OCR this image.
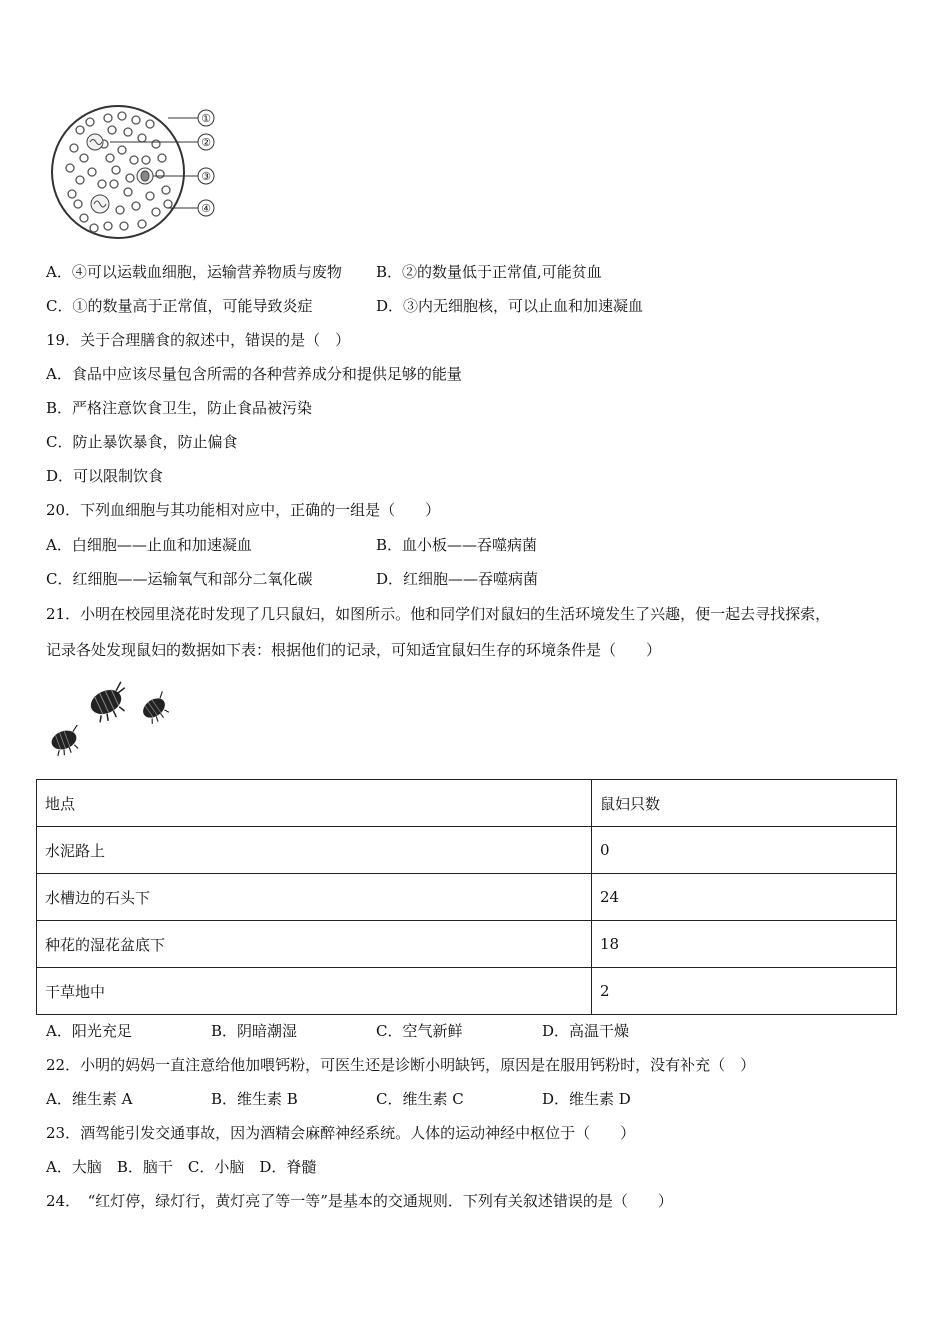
①
②
③
④
A．④可以运载血细胞，运输营养物质与废物 B．②的数量低于正常值,可能贫血
C．①的数量高于正常值，可能导致炎症	D．③内无细胞核，可以止血和加速凝血
19．关于合理膳食的叙述中，错误的是（　）
A．食品中应该尽量包含所需的各种营养成分和提供足够的能量
B．严格注意饮食卫生，防止食品被污染
C．防止暴饮暴食，防止偏食
D．可以限制饮食
20．下列血细胞与其功能相对应中，正确的一组是（　　）
A．白细胞——止血和加速凝血	B．血小板——吞噬病菌
C．红细胞——运输氧气和部分二氧化碳	D．红细胞——吞噬病菌
21．小明在校园里浇花时发现了几只鼠妇，如图所示。他和同学们对鼠妇的生活环境发生了兴趣，便一起去寻找探索，
记录各处发现鼠妇的数据如下表：根据他们的记录，可知适宜鼠妇生存的环境条件是（　　）
地点	鼠妇只数
水泥路上	0
水槽边的石头下	24
种花的湿花盆底下	18
干草地中	2
A．阳光充足	B．阴暗潮湿	C．空气新鲜	D．高温干燥
22．小明的妈妈一直注意给他加喂钙粉，可医生还是诊断小明缺钙，原因是在服用钙粉时，没有补充（　）
A．维生素 A	B．维生素 B	C．维生素 C	D．维生素 D
23．酒驾能引发交通事故，因为酒精会麻醉神经系统。人体的运动神经中枢位于（　　）
A．大脑　B．脑干　C．小脑　D．脊髓
24．　“红灯停，绿灯行，黄灯亮了等一等”是基本的交通规则．下列有关叙述错误的是（　　）
